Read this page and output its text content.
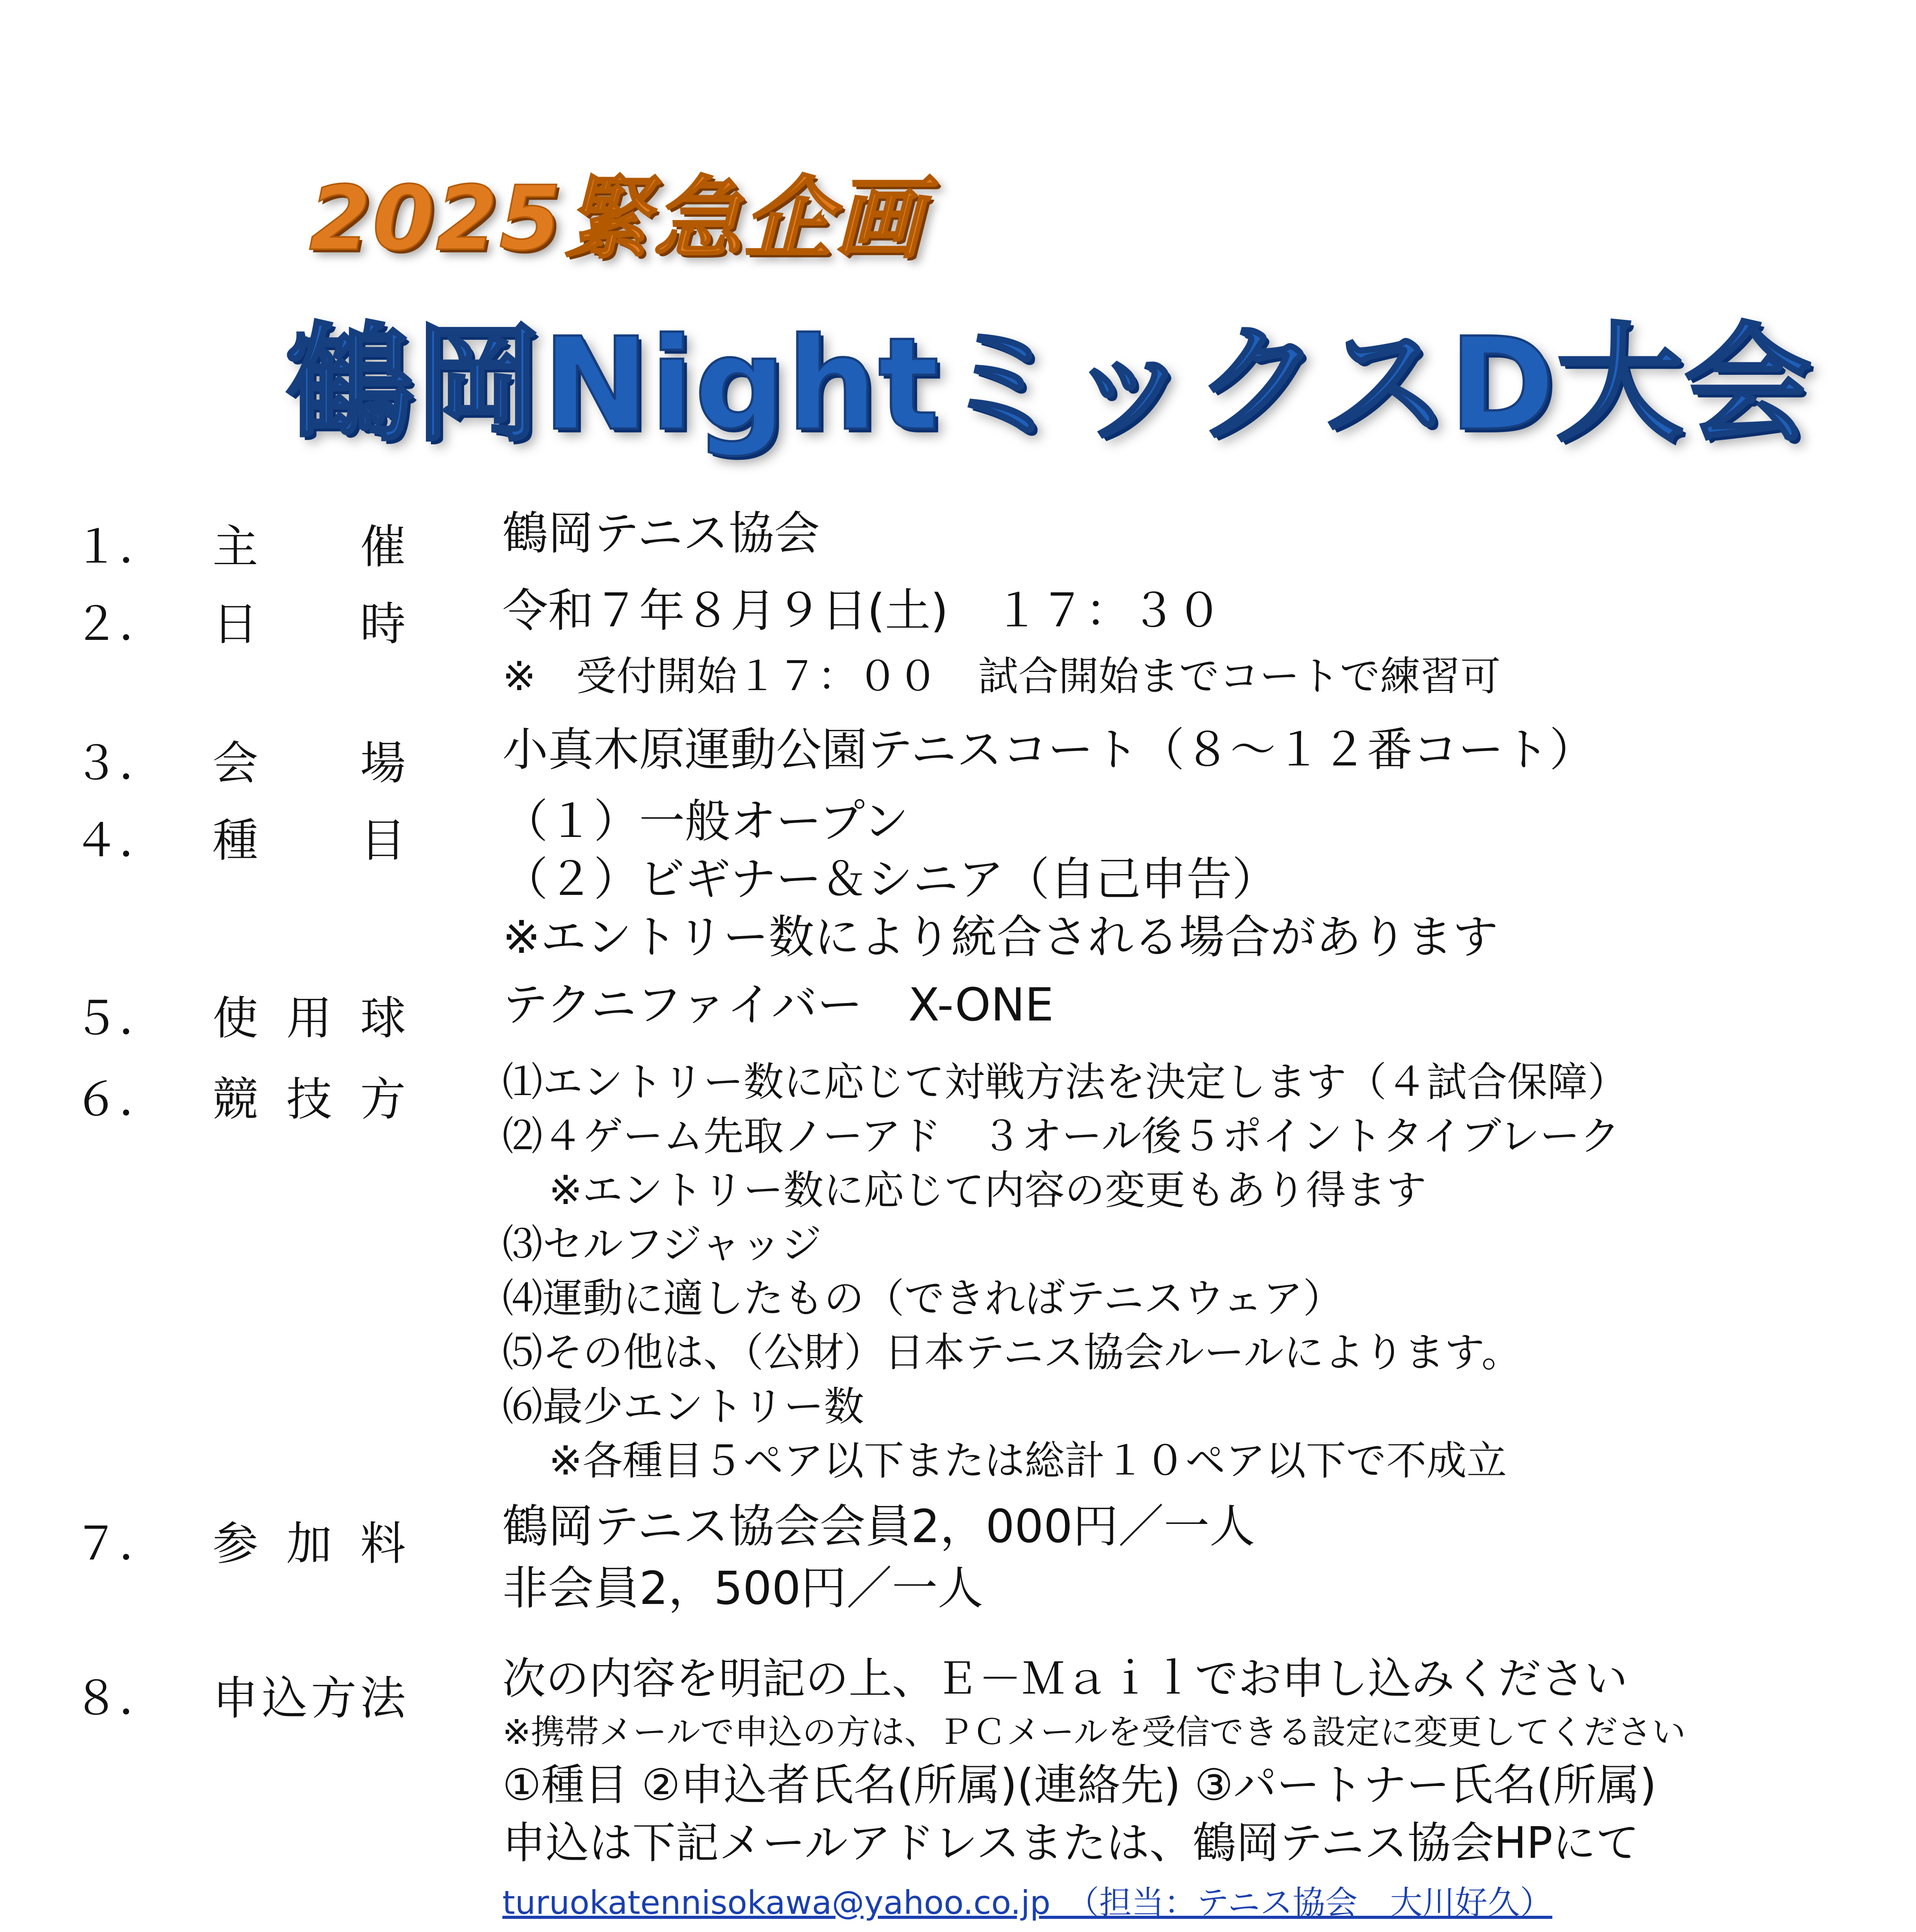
2025緊急企画
鶴岡NightミックスD大会
１．	主 催 鶴岡テニス協会
２．	日 時 令和７年８月９日(土)　１７：３０
※　受付開始１７：００　試合開始までコートで練習可
３．	会 場 小真木原運動公園テニスコート（８～１２番コート）
４．	種 目 （１）一般オープン
（２）ビギナー＆シニア（自己申告）
※エントリー数により統合される場合があります
５．	使 用 球 テクニファイバー　X-ONE
６．	競 技 方 ⑴エントリー数に応じて対戦方法を決定します（４試合保障）
⑵４ゲーム先取ノーアド　３オール後５ポイントタイブレーク
※エントリー数に応じて内容の変更もあり得ます
⑶セルフジャッジ
⑷運動に適したもの（できればテニスウェア）
⑸その他は、（公財）日本テニス協会ルールによります。
⑹最少エントリー数
※各種目５ペア以下または総計１０ペア以下で不成立
７．	参 加 料 鶴岡テニス協会会員2，000円／一人
非会員2，500円／一人
８．	申 込 方 法 次の内容を明記の上、Ｅ－Ｍａｉｌでお申し込みください
※携帯メールで申込の方は、ＰＣメールを受信できる設定に変更してください
①種目 ②申込者氏名(所属)(連絡先) ③パートナー氏名(所属)
申込は下記メールアドレスまたは、鶴岡テニス協会HPにて
turuokatennisokawa@yahoo.co.jp　（担当：テニス協会　大川好久）
